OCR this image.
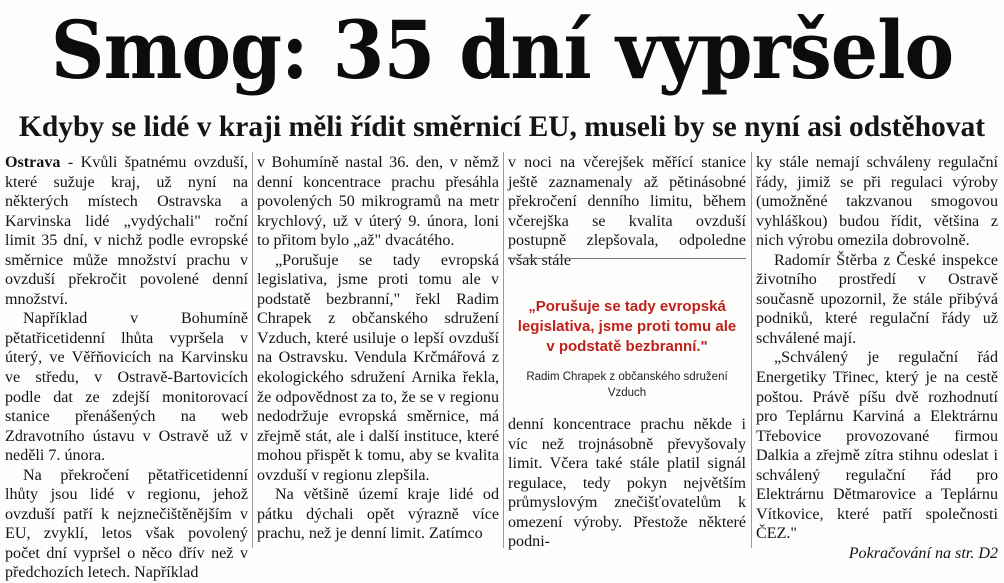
Smog: 35 dní vypršelo
Kdyby se lidé v kraji měli řídit směrnicí EU, museli by se nyní asi odstěhovat

Ostrava - Kvůli špatnému ovzduší, které sužuje kraj, už nyní na některých místech Ostravska a Karvinska lidé „vydýchali" roční limit 35 dní, v nichž podle evropské směrnice může množství prachu v ovzduší překročit povolené denní množství.

Například v Bohumíně pětatřicetidenní lhůta vypršela v úterý, ve Věřňovicích na Karvinsku ve středu, v Ostravě-Bartovicích podle dat ze zdejší monitorovací stanice přenášených na web Zdravotního ústavu v Ostravě už v neděli 7. února.

Na překročení pětatřicetidenní lhůty jsou lidé v regionu, jehož ovzduší patří k nejznečištěnějším v EU, zvyklí, letos však povolený počet dní vypršel o něco dřív než v předchozích letech. Například

v Bohumíně nastal 36. den, v němž denní koncentrace prachu přesáhla povolených 50 mikrogramů na metr krychlový, už v úterý 9. února, loni to přitom bylo „až" dvacátého.

„Porušuje se tady evropská legislativa, jsme proti tomu ale v podstatě bezbranní," řekl Radim Chrapek z občanského sdružení Vzduch, které usiluje o lepší ovzduší na Ostravsku. Vendula Krčmářová z ekologického sdružení Arnika řekla, že odpovědnost za to, že se v regionu nedodržuje evropská směrnice, má zřejmě stát, ale i další instituce, které mohou přispět k tomu, aby se kvalita ovzduší v regionu zlepšila.

Na většině území kraje lidé od pátku dýchali opět výrazně více prachu, než je denní limit. Zatímco

v noci na včerejšek měřící stanice ještě zaznamenaly až pětinásobné překročení denního limitu, během včerejška se kvalita ovzduší postupně zlepšovala, odpoledne však stále

„Porušuje se tady evropská legislativa, jsme proti tomu ale v podstatě bezbranní."
Radim Chrapek z občanského sdružení Vzduch

denní koncentrace prachu někde i víc než trojnásobně převyšovaly limit. Včera také stále platil signál regulace, tedy pokyn největším průmyslovým znečišťovatelům k omezení výroby. Přestože některé podni-

ky stále nemají schváleny regulační řády, jimiž se při regulaci výroby (umožněné takzvanou smogovou vyhláškou) budou řídit, většina z nich výrobu omezila dobrovolně.

Radomír Štěrba z České inspekce životního prostředí v Ostravě současně upozornil, že stále přibývá podniků, které regulační řády už schválené mají.

„Schválený je regulační řád Energetiky Třinec, který je na cestě poštou. Právě píšu dvě rozhodnutí pro Teplárnu Karviná a Elektrárnu Třebovice provozované firmou Dalkia a zřejmě zítra stihnu odeslat i schválený regulační řád pro Elektrárnu Dětmarovice a Teplárnu Vítkovice, které patří společnosti ČEZ."

Pokračování na str. D2
